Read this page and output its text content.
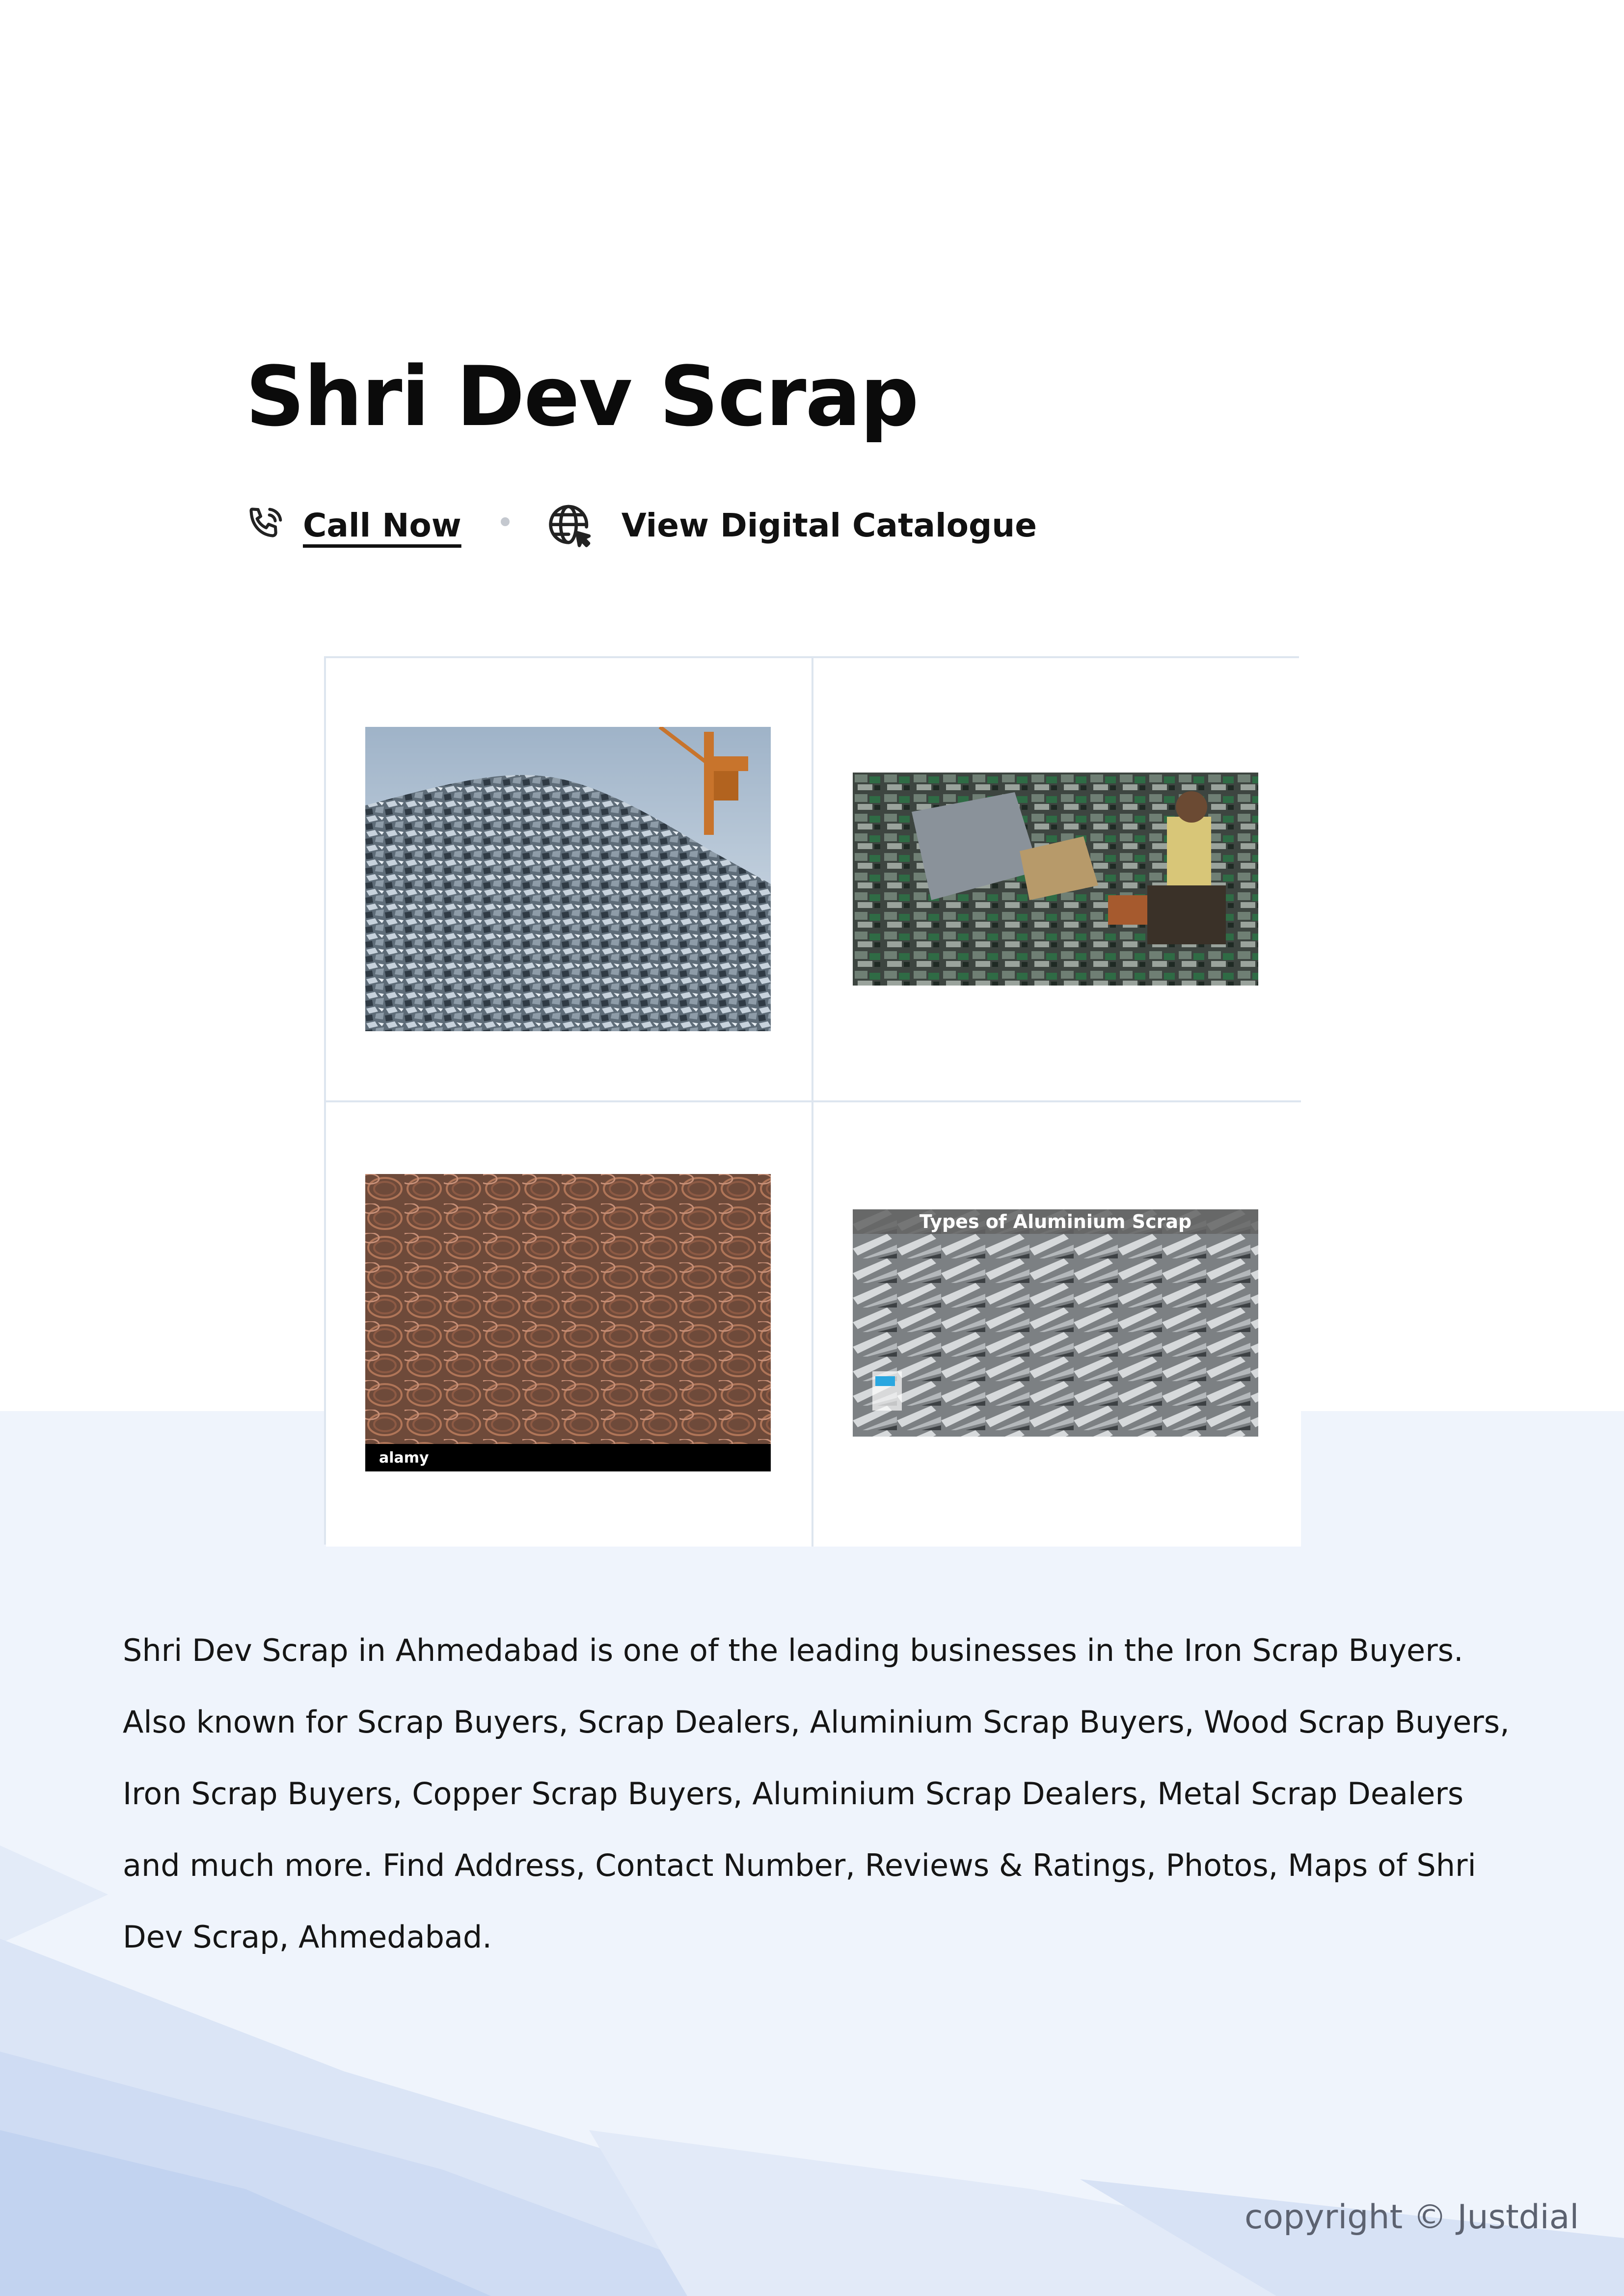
Shri Dev Scrap
Call Now	View Digital Catalogue
alamy
Types of Aluminium Scrap

Shri Dev Scrap in Ahmedabad is one of the leading businesses in the Iron Scrap Buyers. Also known for Scrap Buyers, Scrap Dealers, Aluminium Scrap Buyers, Wood Scrap Buyers, Iron Scrap Buyers, Copper Scrap Buyers, Aluminium Scrap Dealers, Metal Scrap Dealers and much more. Find Address, Contact Number, Reviews & Ratings, Photos, Maps of Shri Dev Scrap, Ahmedabad.

copyright © Justdial
